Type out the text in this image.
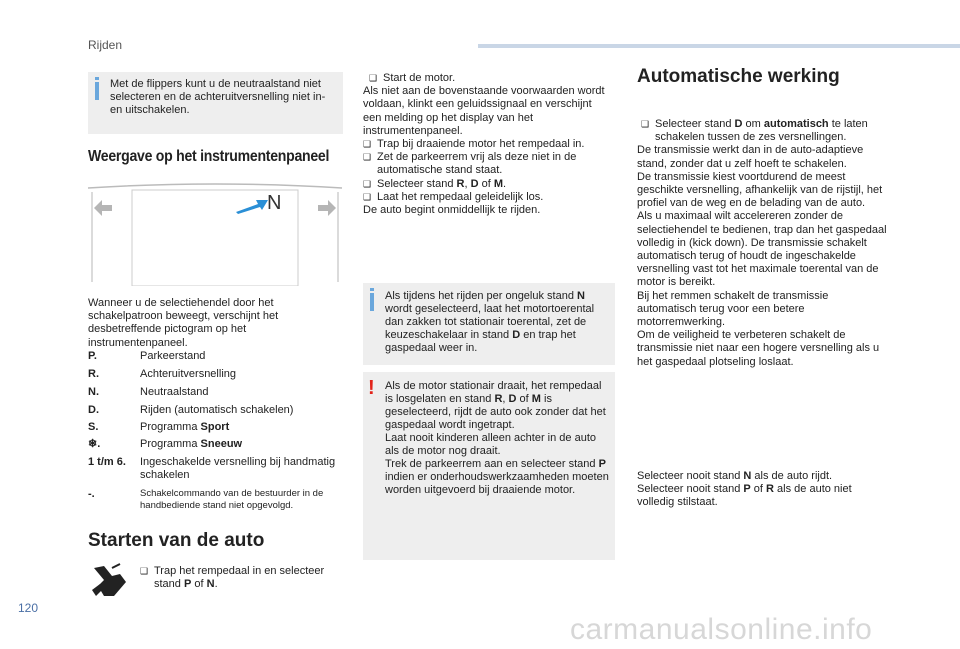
Rijden
Met de flippers kunt u de neutraalstand niet selecteren en de achteruitversnelling niet in- en uitschakelen.
Weergave op het instrumentenpaneel
N
Wanneer u de selectiehendel door het schakelpatroon beweegt, verschijnt het desbetreffende pictogram op het instrumentenpaneel.
P.	Parkeerstand
R.	Achteruitversnelling
N.	Neutraalstand
D.	Rijden (automatisch schakelen)
S.	Programma Sport
❄.	Programma Sneeuw
1 t/m 6.	Ingeschakelde versnelling bij handmatig schakelen
-.	Schakelcommando van de bestuurder in de handbediende stand niet opgevolgd.
Starten van de auto
❑ Trap het rempedaal in en selecteer stand P of N.
❑ Start de motor.
Als niet aan de bovenstaande voorwaarden wordt voldaan, klinkt een geluidssignaal en verschijnt een melding op het display van het instrumentenpaneel.
❑ Trap bij draaiende motor het rempedaal in.
❑ Zet de parkeerrem vrij als deze niet in de automatische stand staat.
❑ Selecteer stand R, D of M.
❑ Laat het rempedaal geleidelijk los.
De auto begint onmiddellijk te rijden.
Als tijdens het rijden per ongeluk stand N wordt geselecteerd, laat het motortoerental dan zakken tot stationair toerental, zet de keuzeschakelaar in stand D en trap het gaspedaal weer in.
! Als de motor stationair draait, het rempedaal is losgelaten en stand R, D of M is geselecteerd, rijdt de auto ook zonder dat het gaspedaal wordt ingetrapt.
Laat nooit kinderen alleen achter in de auto als de motor nog draait.
Trek de parkeerrem aan en selecteer stand P indien er onderhoudswerkzaamheden moeten worden uitgevoerd bij draaiende motor.
Automatische werking
❑ Selecteer stand D om automatisch te laten schakelen tussen de zes versnellingen.
De transmissie werkt dan in de auto-adaptieve stand, zonder dat u zelf hoeft te schakelen.
De transmissie kiest voortdurend de meest geschikte versnelling, afhankelijk van de rijstijl, het profiel van de weg en de belading van de auto.
Als u maximaal wilt accelereren zonder de selectiehendel te bedienen, trap dan het gaspedaal volledig in (kick down). De transmissie schakelt automatisch terug of houdt de ingeschakelde versnelling vast tot het maximale toerental van de motor is bereikt.
Bij het remmen schakelt de transmissie automatisch terug voor een betere motorremwerking.
Om de veiligheid te verbeteren schakelt de transmissie niet naar een hogere versnelling als u het gaspedaal plotseling loslaat.
Selecteer nooit stand N als de auto rijdt.
Selecteer nooit stand P of R als de auto niet volledig stilstaat.
120
carmanualsonline.info
